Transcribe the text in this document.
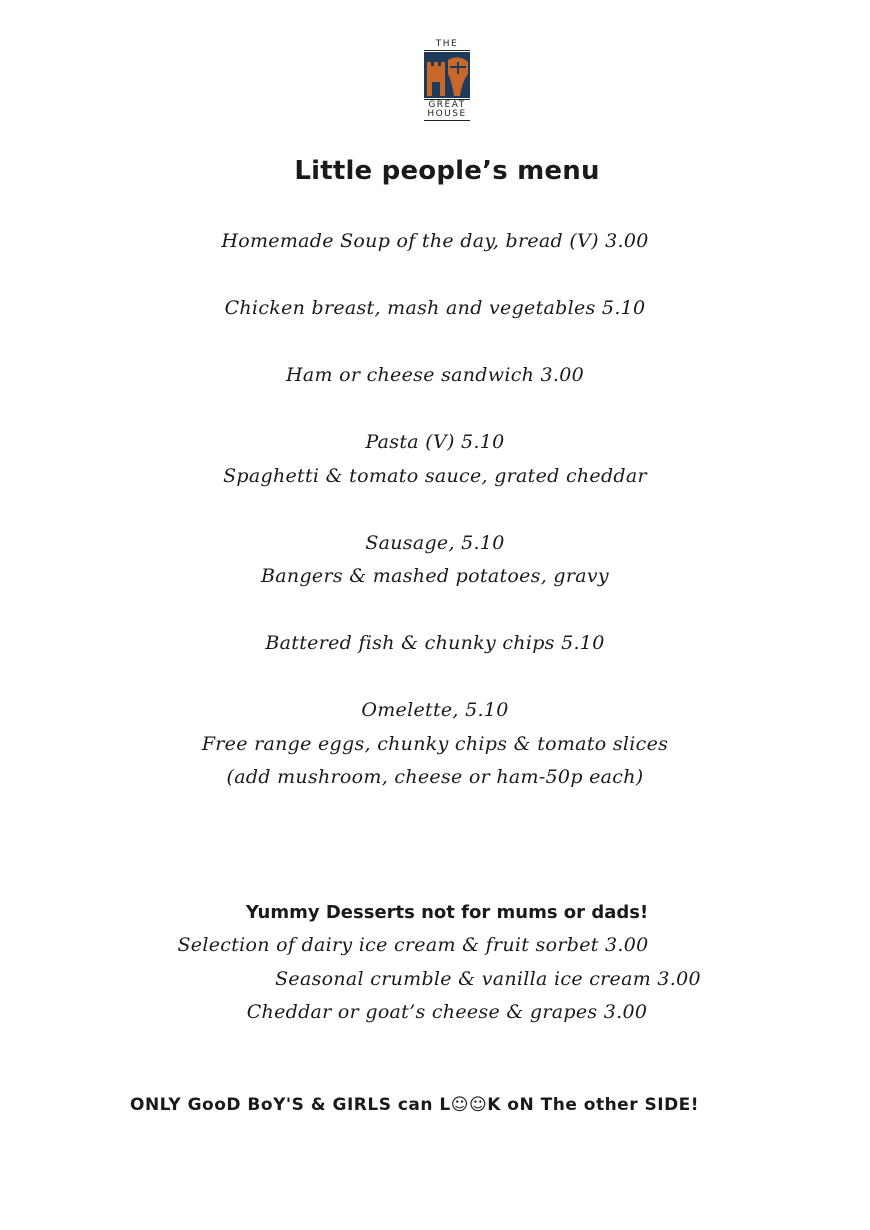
THE
GREAT
HOUSE
Little people’s menu
Homemade Soup of the day, bread (V) 3.00
Chicken breast, mash and vegetables 5.10
Ham or cheese sandwich 3.00
Pasta (V) 5.10
Spaghetti & tomato sauce, grated cheddar
Sausage, 5.10
Bangers & mashed potatoes, gravy
Battered fish & chunky chips 5.10
Omelette, 5.10
Free range eggs, chunky chips & tomato slices
(add mushroom, cheese or ham-50p each)
Yummy Desserts not for mums or dads!
Selection of dairy ice cream & fruit sorbet 3.00
Seasonal crumble & vanilla ice cream 3.00
Cheddar or goat’s cheese & grapes 3.00
ONLY GooD BoY'S & GIRLS can L☺☺K oN The other SIDE!
